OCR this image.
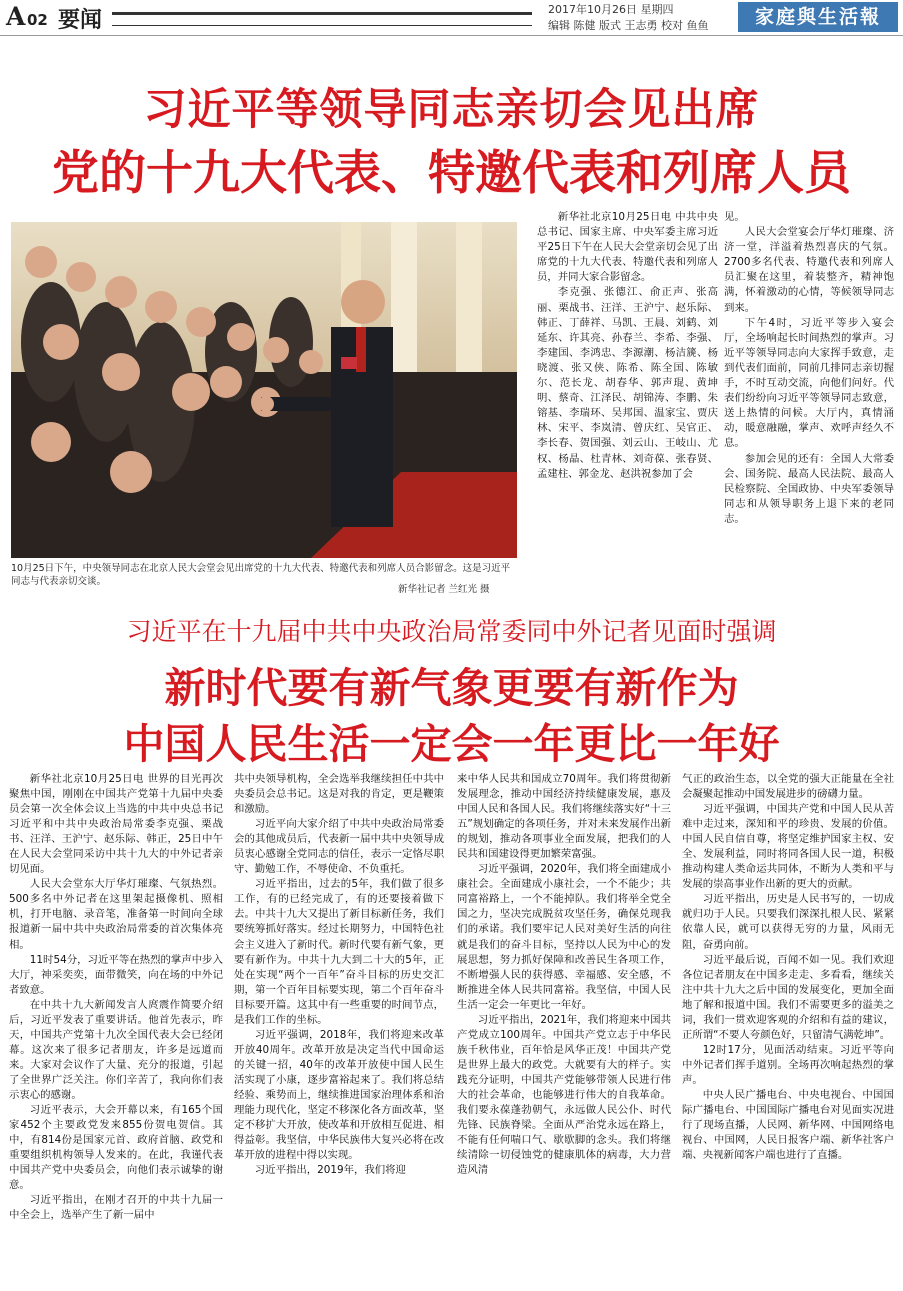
A 02 要闻	2017年10月26日 星期四
编辑 陈健 版式 王志勇 校对 鱼鱼	家庭與生活報
习近平等领导同志亲切会见出席
党的十九大代表、特邀代表和列席人员
10月25日下午，中央领导同志在北京人民大会堂会见出席党的十九大代表、特邀代表和列席人员合影留念。这是习近平同志与代表亲切交谈。
新华社记者 兰红光 摄

新华社北京10月25日电 中共中央总书记、国家主席、中央军委主席习近平25日下午在人民大会堂亲切会见了出席党的十九大代表、特邀代表和列席人员，并同大家合影留念。

李克强、张德江、俞正声、张高丽、栗战书、汪洋、王沪宁、赵乐际、韩正、丁薛祥、马凯、王晨、刘鹤、刘延东、许其亮、孙春兰、李希、李强、李建国、李鸿忠、李源潮、杨洁篪、杨晓渡、张又侠、陈希、陈全国、陈敏尔、范长龙、胡春华、郭声琨、黄坤明、蔡奇、江泽民、胡锦涛、李鹏、朱镕基、李瑞环、吴邦国、温家宝、贾庆林、宋平、李岚清、曾庆红、吴官正、李长春、贺国强、刘云山、王岐山、尤权、杨晶、杜青林、刘奇葆、张春贤、孟建柱、郭金龙、赵洪祝参加了会

见。

人民大会堂宴会厅华灯璀璨、济济一堂，洋溢着热烈喜庆的气氛。2700多名代表、特邀代表和列席人员汇聚在这里，着装整齐，精神饱满，怀着激动的心情，等候领导同志到来。

下午4时，习近平等步入宴会厅，全场响起长时间热烈的掌声。习近平等领导同志向大家挥手致意，走到代表们面前，同前几排同志亲切握手，不时互动交流，向他们问好。代表们纷纷向习近平等领导同志致意，送上热情的问候。大厅内，真情涌动，暖意融融，掌声、欢呼声经久不息。

参加会见的还有：全国人大常委会、国务院、最高人民法院、最高人民检察院、全国政协、中央军委领导同志和从领导职务上退下来的老同志。

习近平在十九届中共中央政治局常委同中外记者见面时强调
新时代要有新气象更要有新作为
中国人民生活一定会一年更比一年好

新华社北京10月25日电 世界的目光再次聚焦中国，刚刚在中国共产党第十九届中央委员会第一次全体会议上当选的中共中央总书记习近平和中共中央政治局常委李克强、栗战书、汪洋、王沪宁、赵乐际、韩正，25日中午在人民大会堂同采访中共十九大的中外记者亲切见面。

人民大会堂东大厅华灯璀璨、气氛热烈。500多名中外记者在这里架起摄像机、照相机，打开电脑、录音笔，准备第一时间向全球报道新一届中共中央政治局常委的首次集体亮相。

11时54分，习近平等在热烈的掌声中步入大厅，神采奕奕，面带微笑，向在场的中外记者致意。

在中共十九大新闻发言人庹震作简要介绍后，习近平发表了重要讲话。他首先表示，昨天，中国共产党第十九次全国代表大会已经闭幕。这次来了很多记者朋友，许多是远道而来。大家对会议作了大量、充分的报道，引起了全世界广泛关注。你们辛苦了，我向你们表示衷心的感谢。

习近平表示，大会开幕以来，有165个国家452个主要政党发来855份贺电贺信。其中，有814份是国家元首、政府首脑、政党和重要组织机构领导人发来的。在此，我谨代表中国共产党中央委员会，向他们表示诚挚的谢意。

习近平指出，在刚才召开的中共十九届一中全会上，选举产生了新一届中

共中央领导机构，全会选举我继续担任中共中央委员会总书记。这是对我的肯定，更是鞭策和激励。

习近平向大家介绍了中共中央政治局常委会的其他成员后，代表新一届中共中央领导成员衷心感谢全党同志的信任，表示一定恪尽职守、勤勉工作，不辱使命、不负重托。

习近平指出，过去的5年，我们做了很多工作，有的已经完成了，有的还要接着做下去。中共十九大又提出了新目标新任务，我们要统筹抓好落实。经过长期努力，中国特色社会主义进入了新时代。新时代要有新气象，更要有新作为。中共十九大到二十大的5年，正处在实现“两个一百年”奋斗目标的历史交汇期，第一个百年目标要实现，第二个百年奋斗目标要开篇。这其中有一些重要的时间节点，是我们工作的坐标。

习近平强调，2018年，我们将迎来改革开放40周年。改革开放是决定当代中国命运的关键一招，40年的改革开放使中国人民生活实现了小康，逐步富裕起来了。我们将总结经验、乘势而上，继续推进国家治理体系和治理能力现代化，坚定不移深化各方面改革，坚定不移扩大开放，使改革和开放相互促进、相得益彰。我坚信，中华民族伟大复兴必将在改革开放的进程中得以实现。

习近平指出，2019年，我们将迎

来中华人民共和国成立70周年。我们将贯彻新发展理念，推动中国经济持续健康发展，惠及中国人民和各国人民。我们将继续落实好“十三五”规划确定的各项任务，并对未来发展作出新的规划，推动各项事业全面发展，把我们的人民共和国建设得更加繁荣富强。

习近平强调，2020年，我们将全面建成小康社会。全面建成小康社会，一个不能少；共同富裕路上，一个不能掉队。我们将举全党全国之力，坚决完成脱贫攻坚任务，确保兑现我们的承诺。我们要牢记人民对美好生活的向往就是我们的奋斗目标，坚持以人民为中心的发展思想，努力抓好保障和改善民生各项工作，不断增强人民的获得感、幸福感、安全感，不断推进全体人民共同富裕。我坚信，中国人民生活一定会一年更比一年好。

习近平指出，2021年，我们将迎来中国共产党成立100周年。中国共产党立志于中华民族千秋伟业，百年恰是风华正茂！中国共产党是世界上最大的政党。大就要有大的样子。实践充分证明，中国共产党能够带领人民进行伟大的社会革命，也能够进行伟大的自我革命。我们要永葆蓬勃朝气，永远做人民公仆、时代先锋、民族脊梁。全面从严治党永远在路上，不能有任何喘口气、歇歇脚的念头。我们将继续清除一切侵蚀党的健康肌体的病毒，大力营造风清

气正的政治生态，以全党的强大正能量在全社会凝聚起推动中国发展进步的磅礴力量。

习近平强调，中国共产党和中国人民从苦难中走过来，深知和平的珍贵、发展的价值。中国人民自信自尊，将坚定维护国家主权、安全、发展利益，同时将同各国人民一道，积极推动构建人类命运共同体，不断为人类和平与发展的崇高事业作出新的更大的贡献。

习近平指出，历史是人民书写的，一切成就归功于人民。只要我们深深扎根人民、紧紧依靠人民，就可以获得无穷的力量，风雨无阻，奋勇向前。

习近平最后说，百闻不如一见。我们欢迎各位记者朋友在中国多走走、多看看，继续关注中共十九大之后中国的发展变化，更加全面地了解和报道中国。我们不需要更多的溢美之词，我们一贯欢迎客观的介绍和有益的建议，正所谓“不要人夸颜色好，只留清气满乾坤”。

12时17分，见面活动结束。习近平等向中外记者们挥手道别。全场再次响起热烈的掌声。

中央人民广播电台、中央电视台、中国国际广播电台、中国国际广播电台对见面实况进行了现场直播，人民网、新华网、中国网络电视台、中国网，人民日报客户端、新华社客户端、央视新闻客户端也进行了直播。
